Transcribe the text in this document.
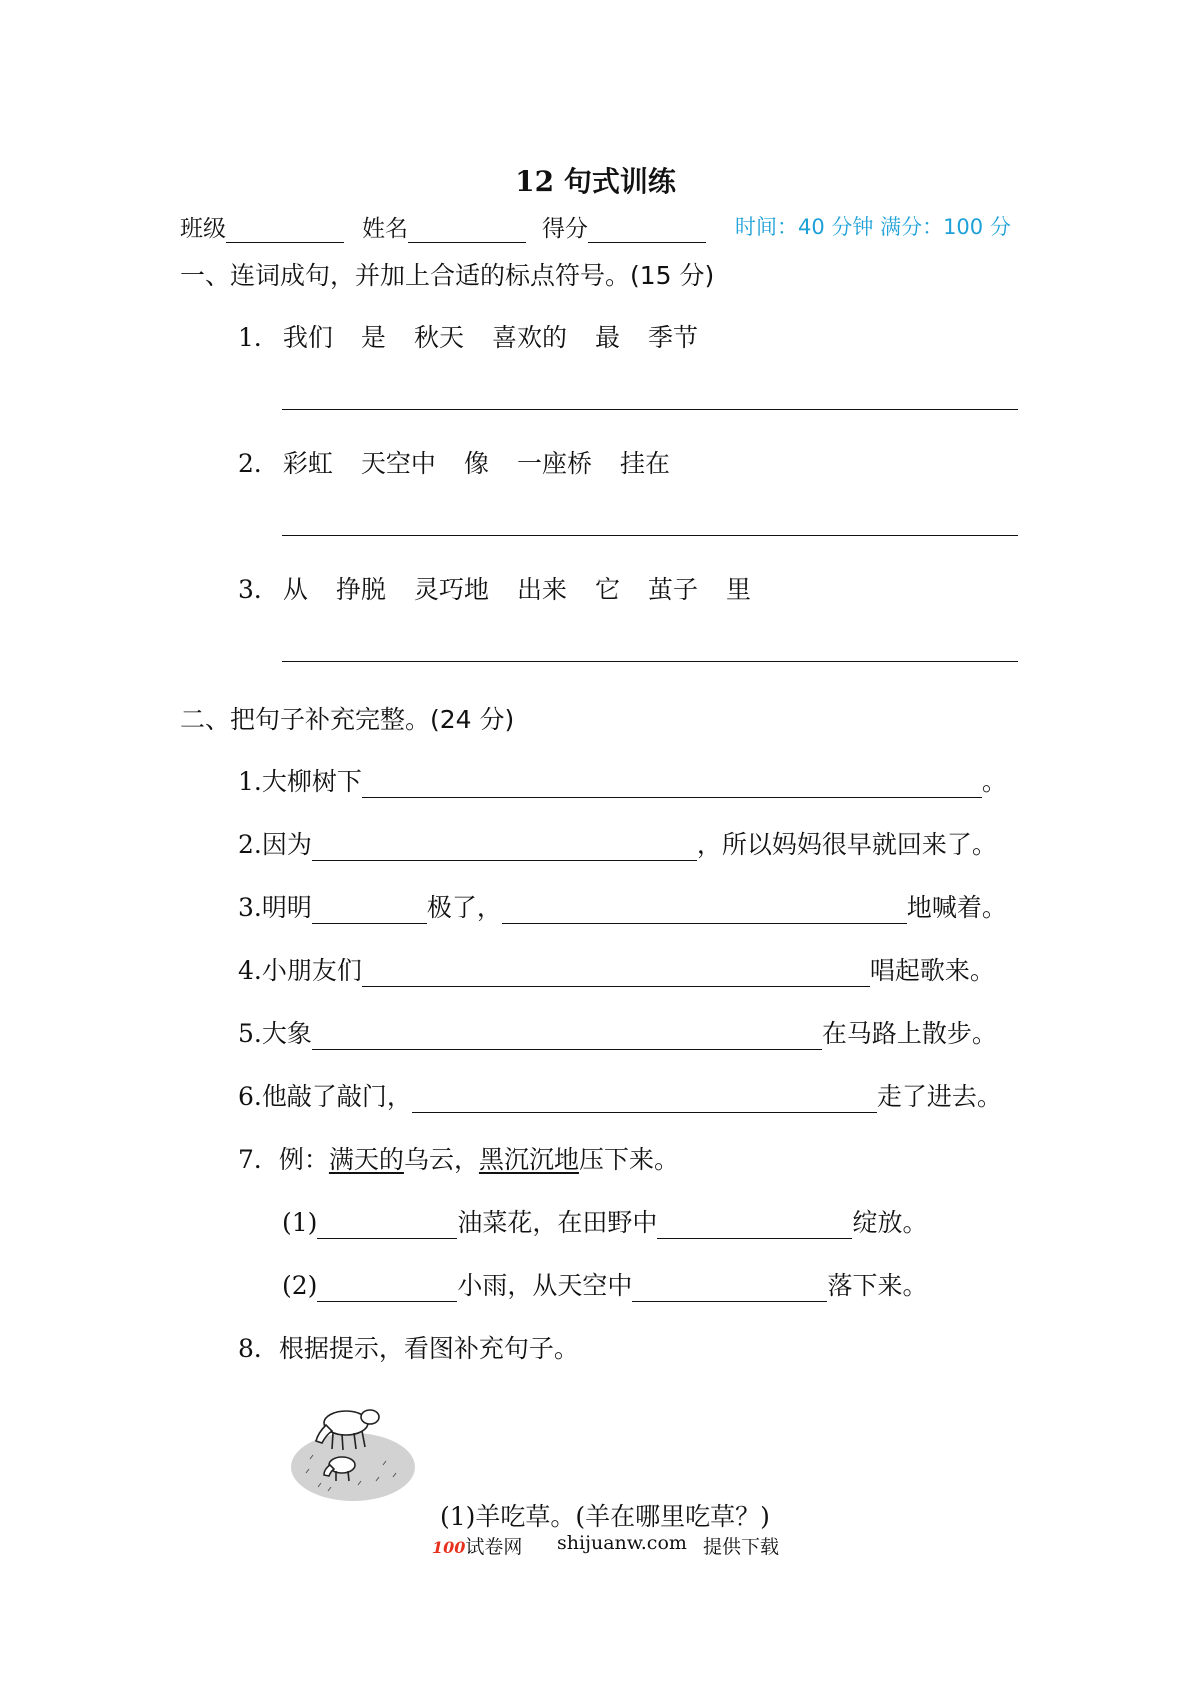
12 句式训练
班级	姓名	得分	时间：40 分钟 满分：100 分
一、连词成句，并加上合适的标点符号。(15 分)
1． 我们 是 秋天 喜欢的 最 季节
2． 彩虹 天空中 像 一座桥 挂在
3． 从 挣脱 灵巧地 出来 它 茧子 里
二、把句子补充完整。(24 分)
1.大柳树下	。
2.因为	，所以妈妈很早就回来了。
3.明明	极了，	地喊着。
4.小朋友们	唱起歌来。
5.大象	在马路上散步。
6.他敲了敲门，	走了进去。
7．例：满天的乌云，黑沉沉地压下来。
(1)	油菜花，在田野中	绽放。
(2)	小雨，从天空中	落下来。
8．根据提示，看图补充句子。
(1)羊吃草。(羊在哪里吃草？)
100试卷网 shijuanw.com 提供下载
